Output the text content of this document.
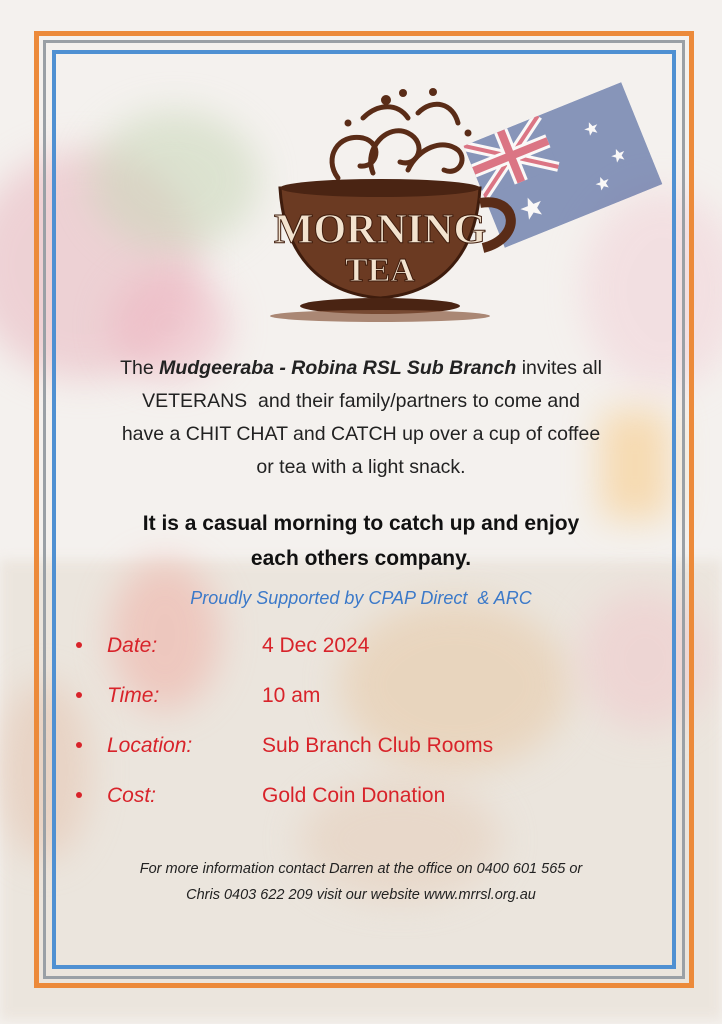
MORNING
TEA
The Mudgeeraba - Robina RSL Sub Branch invites all
VETERANS  and their family/partners to come and
have a CHIT CHAT and CATCH up over a cup of coffee
or tea with a light snack.
It is a casual morning to catch up and enjoy
each others company.
Proudly Supported by CPAP Direct  & ARC
Date:	4 Dec 2024
Time:	10 am
Location:	Sub Branch Club Rooms
Cost:	Gold Coin Donation
For more information contact Darren at the office on 0400 601 565 or
Chris 0403 622 209 visit our website www.mrrsl.org.au
